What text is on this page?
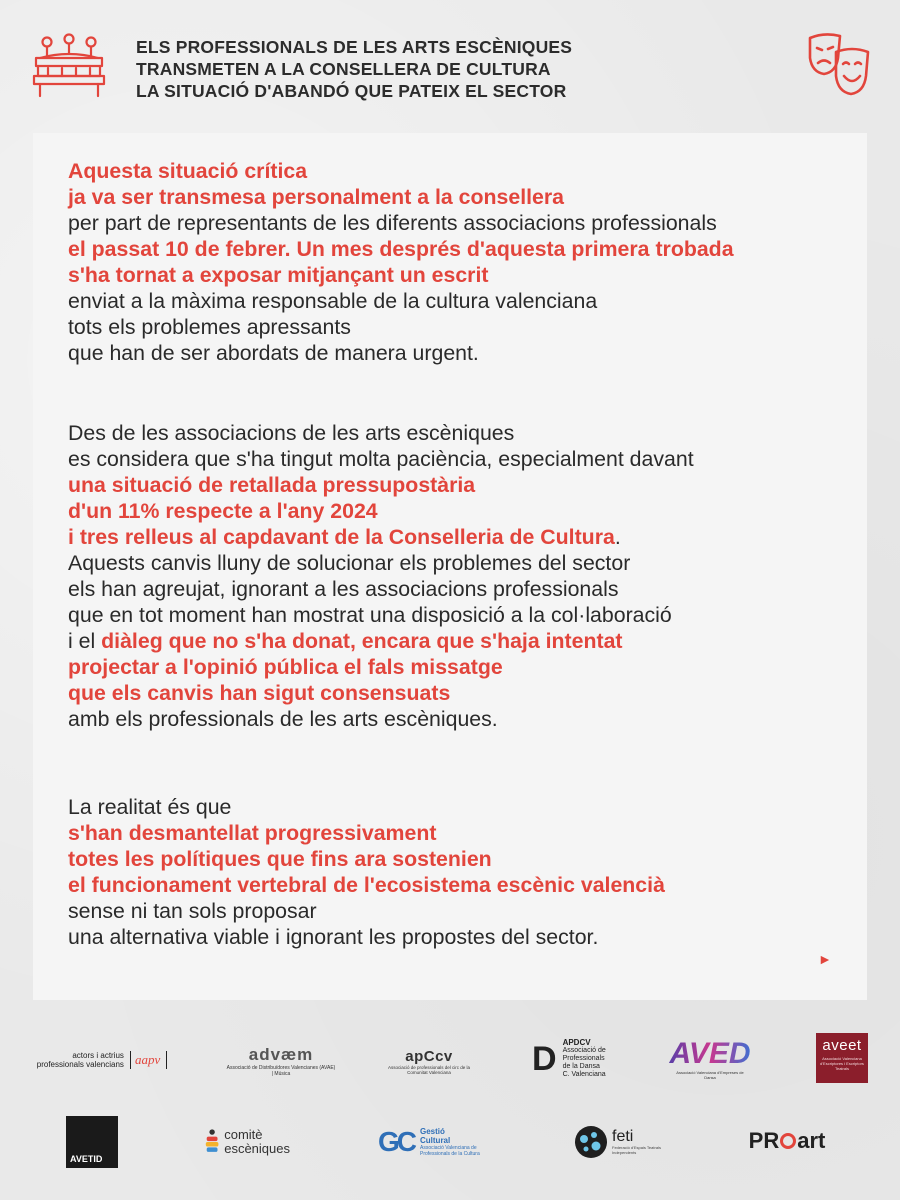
ELS PROFESSIONALS DE LES ARTS ESCÈNIQUES
TRANSMETEN A LA CONSELLERA DE CULTURA
LA SITUACIÓ D'ABANDÓ QUE PATEIX EL SECTOR
Aquesta situació crítica
ja va ser transmesa personalment a la consellera
per part de representants de les diferents associacions professionals
el passat 10 de febrer. Un mes després d'aquesta primera trobada
s'ha tornat a exposar mitjançant un escrit
enviat a la màxima responsable de la cultura valenciana
tots els problemes apressants
que han de ser abordats de manera urgent.
Des de les associacions de les arts escèniques
es considera que s'ha tingut molta paciència, especialment davant
una situació de retallada pressupostària
d'un 11% respecte a l'any 2024
i tres relleus al capdavant de la Conselleria de Cultura.
Aquests canvis lluny de solucionar els problemes del sector
els han agreujat, ignorant a les associacions professionals
que en tot moment han mostrat una disposició a la col·laboració
i el diàleg que no s'ha donat, encara que s'haja intentat
projectar a l'opinió pública el fals missatge
que els canvis han sigut consensuats
amb els professionals de les arts escèniques.
La realitat és que
s'han desmantellat progressivament
totes les polítiques que fins ara sostenien
el funcionament vertebral de l'ecosistema escènic valencià
sense ni tan sols proposar
una alternativa viable i ignorant les propostes del sector.
►
actors i actrius
professionals valencians aapv	advæm
Associació de Distribuïdores Valencianes (AVAE) | Música
apCcv
Associació de professionals del circ de la Comunitat Valenciana	D APDCV
Associació de
Professionals
de la Dansa
C. Valenciana
AVED
Associació Valenciana d'Empreses de Dansa
aveet
Associació Valenciana d'Escriptores i Escriptors Teatrals
AVETID
comitè
escèniques	GC Gestió
Cultural
Associació Valenciana de Professionals de la Cultura
feti
Federació d'Espais Teatrals Independents	PR art
